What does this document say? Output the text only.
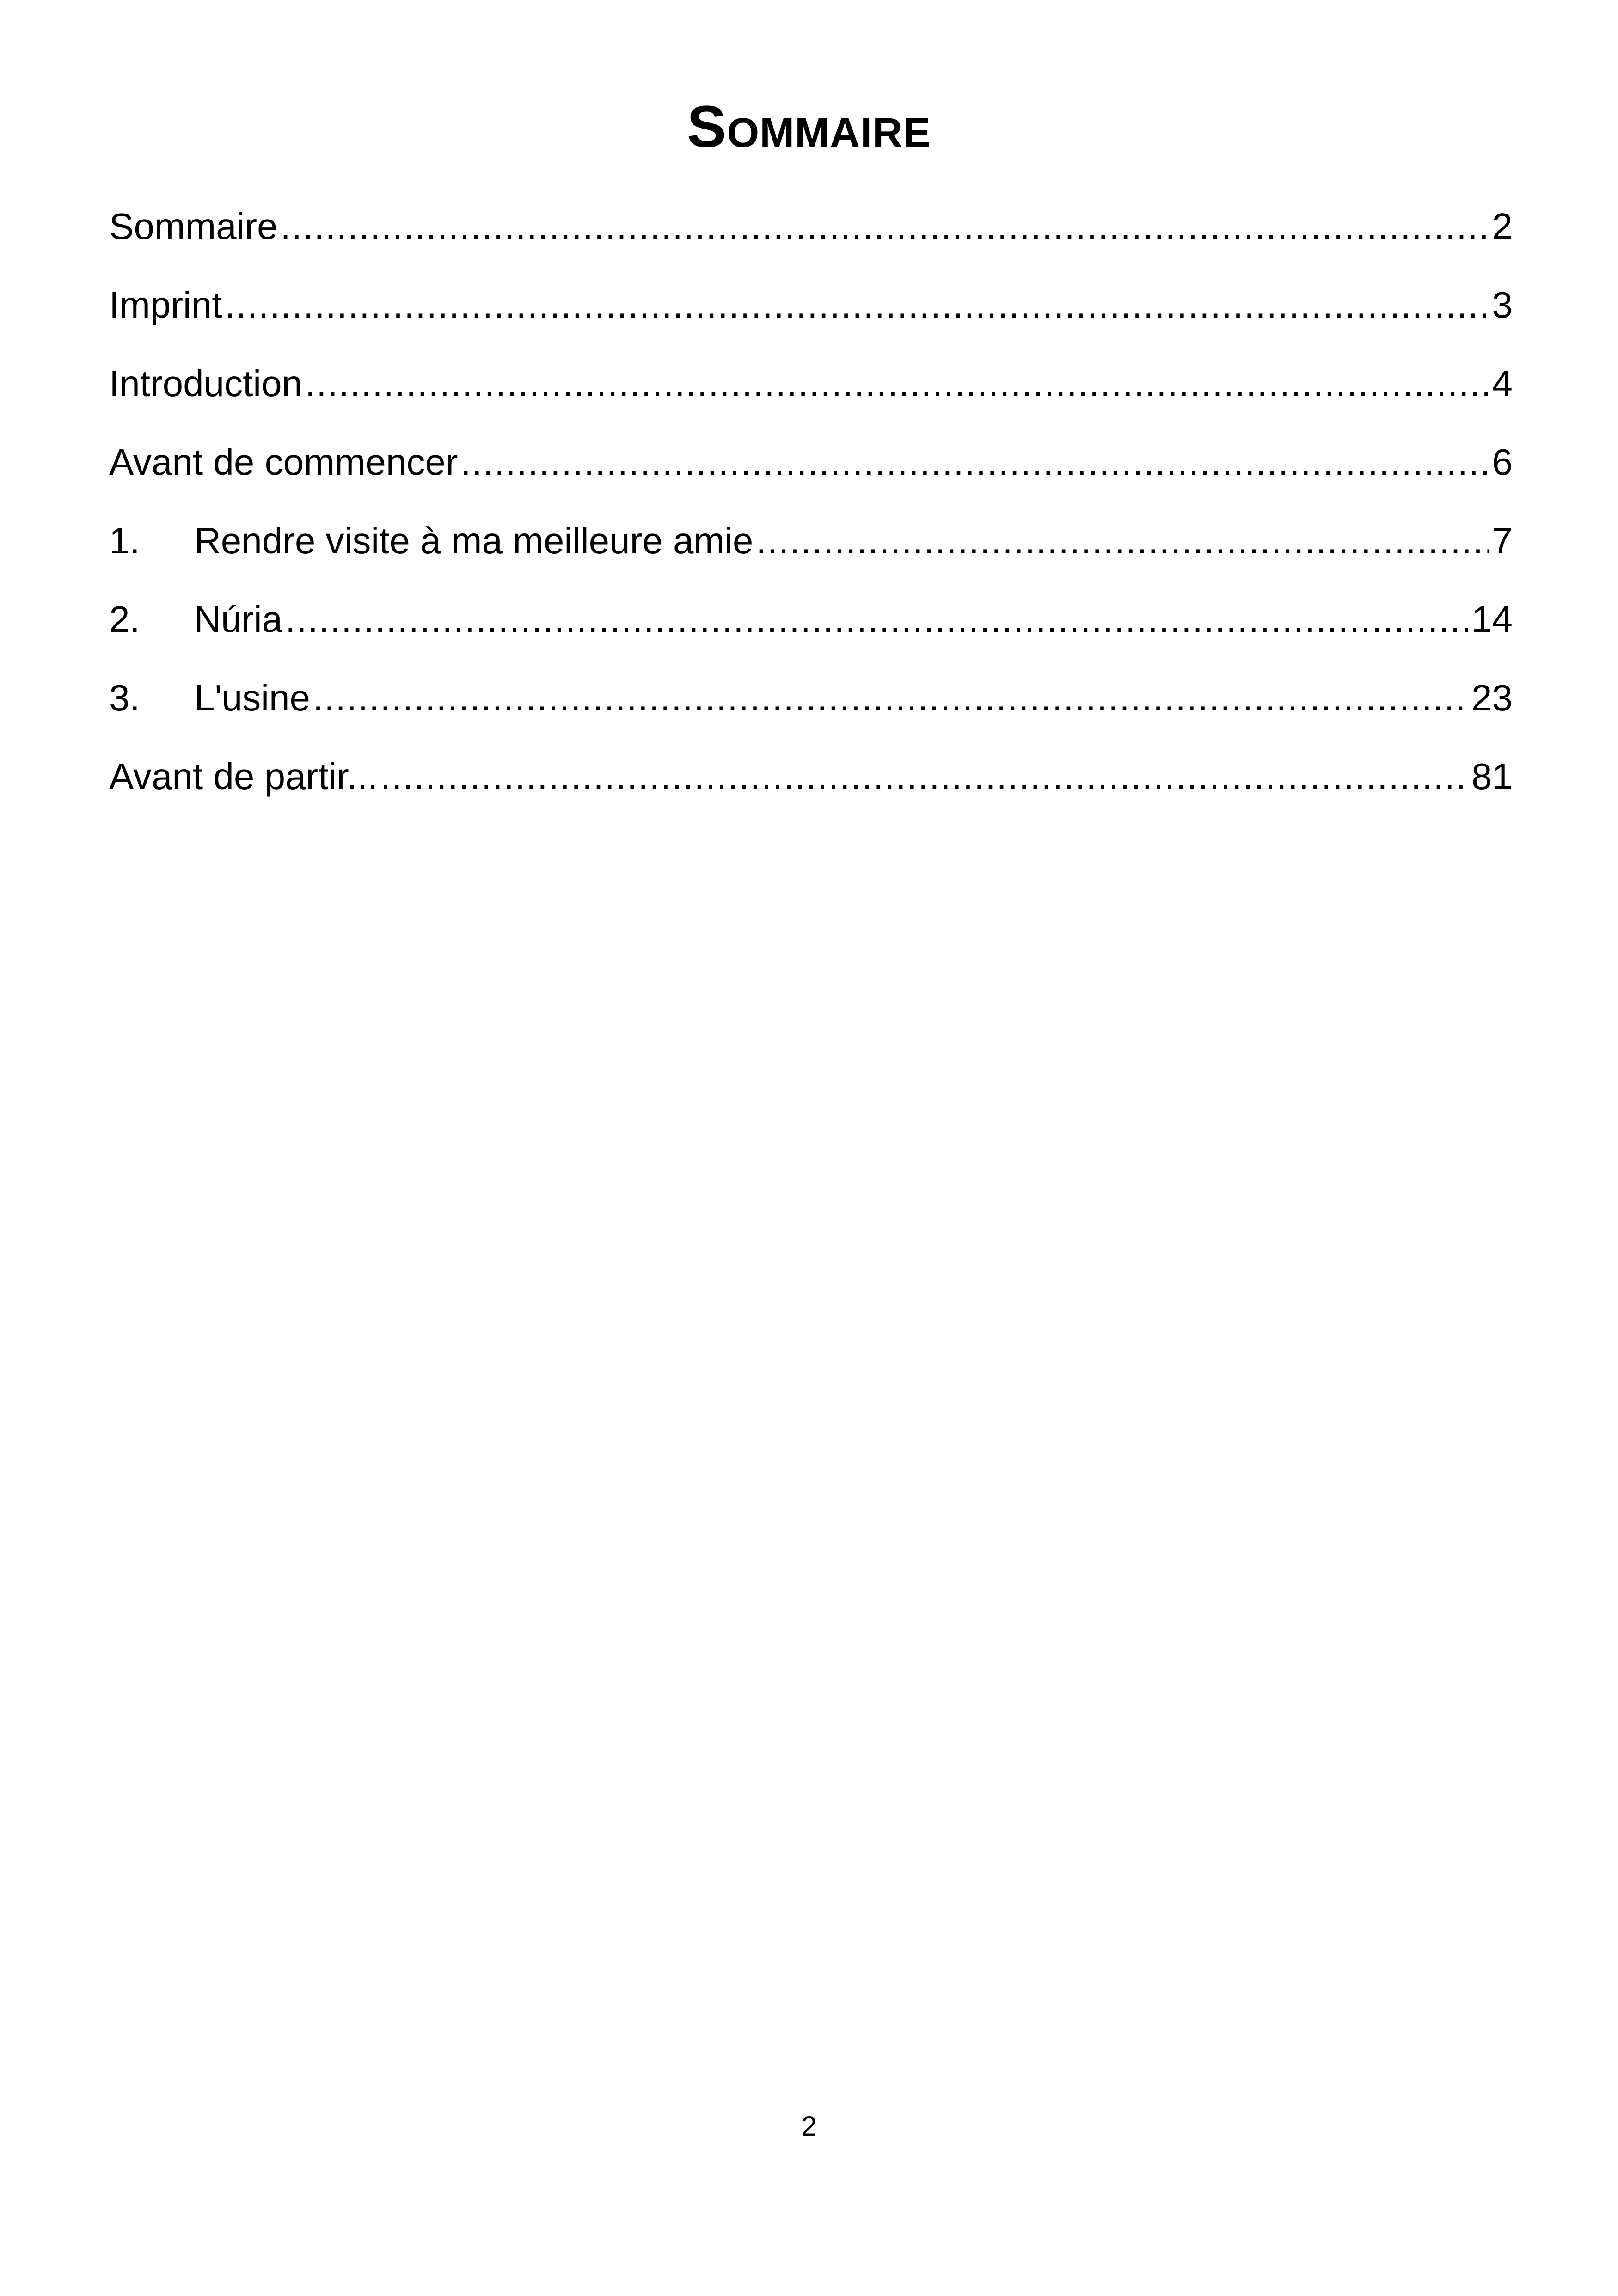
Sommaire
Sommaire .....	2
Imprint .....	3
Introduction .....	4
Avant de commencer .....	6
1.	Rendre visite à ma meilleure amie .....	7
2.	Núria .....	14
3.	L'usine .....	23
Avant de partir... .....	81
2
